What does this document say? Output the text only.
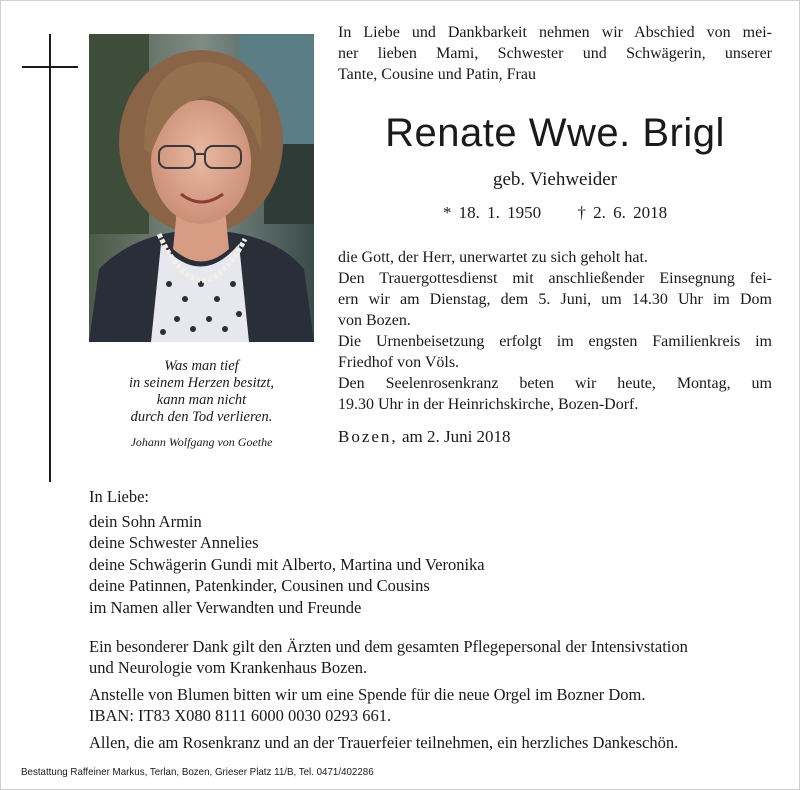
Was man tief
in seinem Herzen besitzt,
kann man nicht
durch den Tod verlieren.
Johann Wolfgang von Goethe
In Liebe und Dankbarkeit nehmen wir Abschied von mei-
ner lieben Mami, Schwester und Schwägerin, unserer
Tante, Cousine und Patin, Frau
Renate Wwe. Brigl
geb. Viehweider
* 18. 1. 1950 † 2. 6. 2018
die Gott, der Herr, unerwartet zu sich geholt hat.
Den Trauergottesdienst mit anschließender Einsegnung fei-
ern wir am Dienstag, dem 5. Juni, um 14.30 Uhr im Dom
von Bozen.
Die Urnenbeisetzung erfolgt im engsten Familienkreis im
Friedhof von Völs.
Den Seelenrosenkranz beten wir heute, Montag, um
19.30 Uhr in der Heinrichskirche, Bozen-Dorf.
Bozen, am 2. Juni 2018
In Liebe:
dein Sohn Armin
deine Schwester Annelies
deine Schwägerin Gundi mit Alberto, Martina und Veronika
deine Patinnen, Patenkinder, Cousinen und Cousins
im Namen aller Verwandten und Freunde

Ein besonderer Dank gilt den Ärzten und dem gesamten Pflegepersonal der Intensivstation
und Neurologie vom Krankenhaus Bozen.

Anstelle von Blumen bitten wir um eine Spende für die neue Orgel im Bozner Dom.
IBAN: IT83 X080 8111 6000 0030 0293 661.

Allen, die am Rosenkranz und an der Trauerfeier teilnehmen, ein herzliches Dankeschön.

Bestattung Raffeiner Markus, Terlan, Bozen, Grieser Platz 11/B, Tel. 0471/402286
